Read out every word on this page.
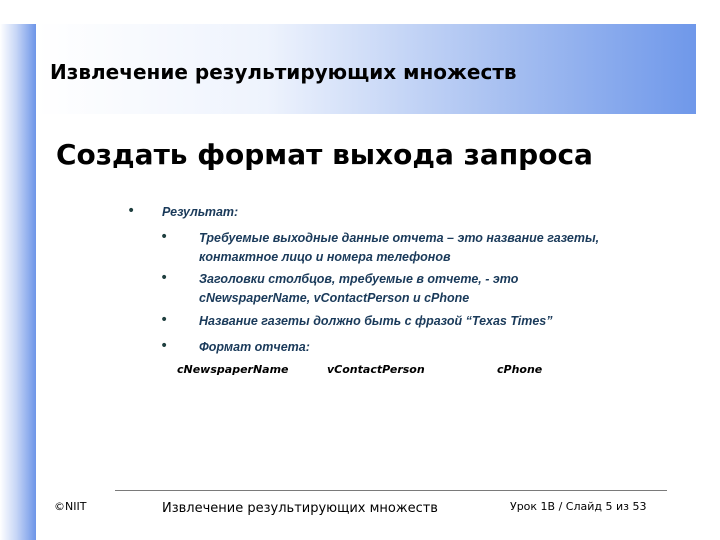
Извлечение результирующих множеств
Создать формат выхода запроса
• Результат:
• Требуемые выходные данные отчета – это название газеты, контактное лицо и номера телефонов
• Заголовки столбцов, требуемые в отчете, - это cNewspaperName, vContactPerson и cPhone
• Название газеты должно быть с фразой “Texas Times”
• Формат отчета:
cNewspaperName	vContactPerson	cPhone
©NIIT	Извлечение результирующих множеств	Урок 1В / Слайд 5 из 53
